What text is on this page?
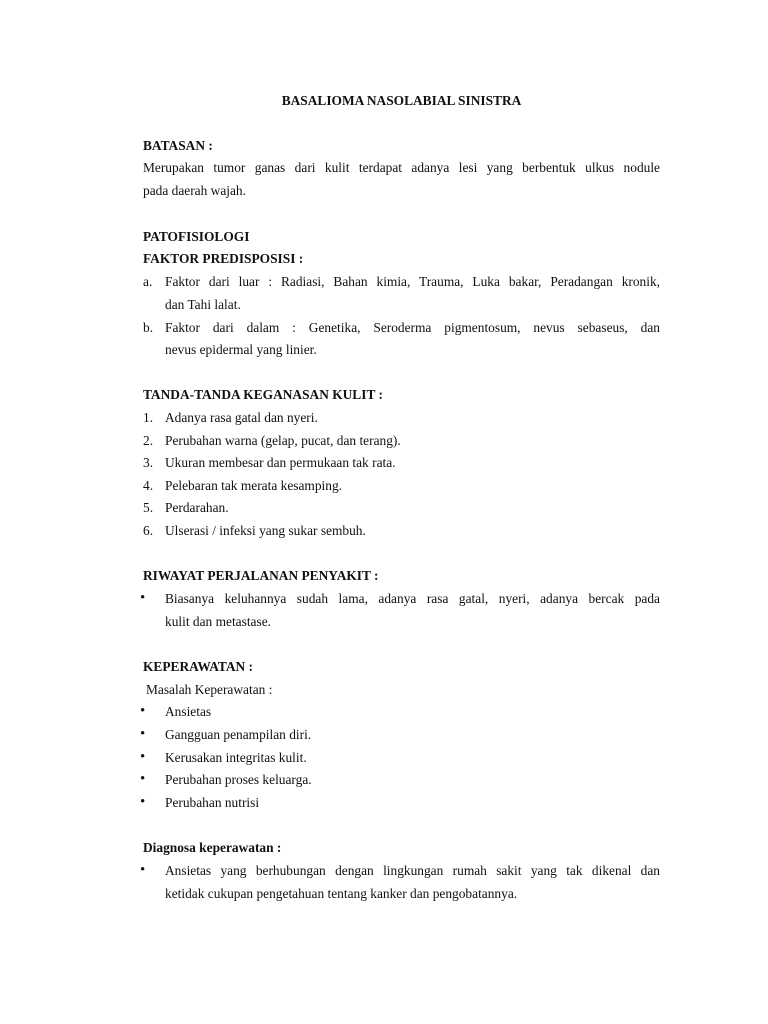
BASALIOMA NASOLABIAL SINISTRA
BATASAN :
Merupakan tumor ganas dari kulit terdapat adanya lesi yang berbentuk ulkus nodule
pada daerah wajah.
PATOFISIOLOGI
FAKTOR PREDISPOSISI :
a. Faktor dari luar : Radiasi, Bahan kimia, Trauma, Luka bakar, Peradangan kronik,
dan Tahi lalat.
b. Faktor dari dalam : Genetika, Seroderma pigmentosum, nevus sebaseus, dan
nevus epidermal yang linier.
TANDA-TANDA KEGANASAN KULIT :
1. Adanya rasa gatal dan nyeri.
2. Perubahan warna (gelap, pucat, dan terang).
3. Ukuran membesar dan permukaan tak rata.
4. Pelebaran tak merata kesamping.
5. Perdarahan.
6. Ulserasi / infeksi yang sukar sembuh.
RIWAYAT PERJALANAN PENYAKIT :
• Biasanya keluhannya sudah lama, adanya rasa gatal, nyeri, adanya bercak pada
kulit dan metastase.
KEPERAWATAN :
Masalah Keperawatan :
• Ansietas
• Gangguan penampilan diri.
• Kerusakan integritas kulit.
• Perubahan proses keluarga.
• Perubahan nutrisi
Diagnosa keperawatan :
• Ansietas yang berhubungan dengan lingkungan rumah sakit yang tak dikenal dan
ketidak cukupan pengetahuan tentang kanker dan pengobatannya.
